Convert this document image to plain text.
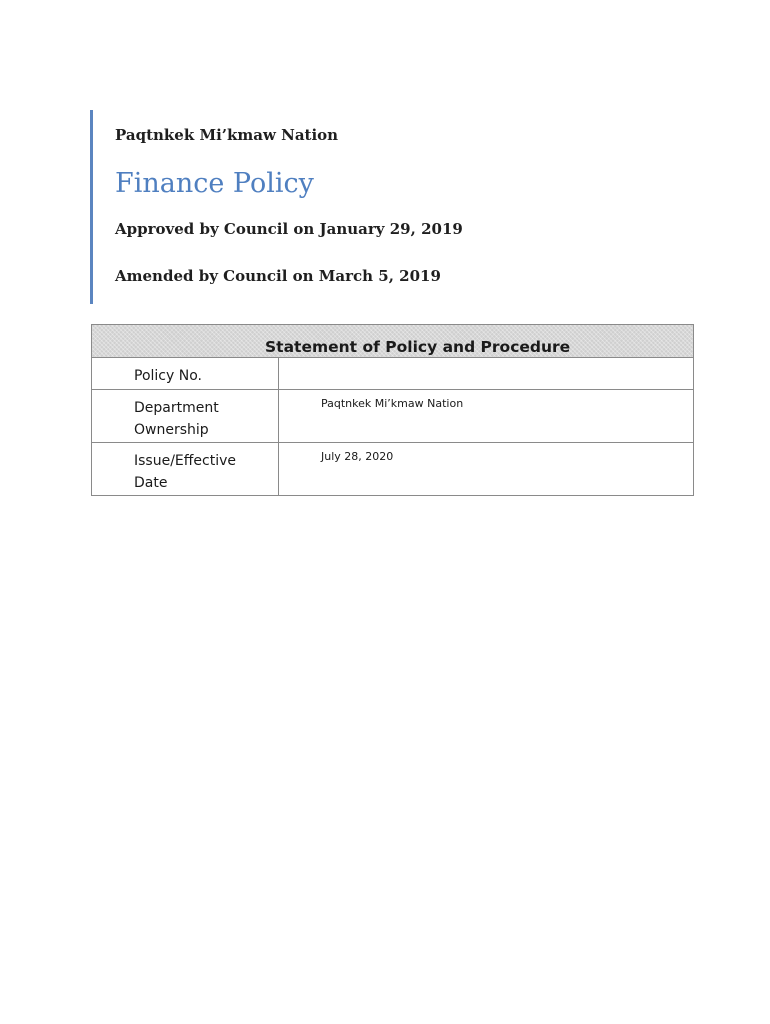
Paqtnkek Mi’kmaw Nation

Finance Policy

Approved by Council on January 29, 2019

Amended by Council on March 5, 2019

Statement of Policy and Procedure
Policy No.
Department
Ownership
Paqtnkek Mi’kmaw Nation
Issue/Effective
Date
July 28, 2020
